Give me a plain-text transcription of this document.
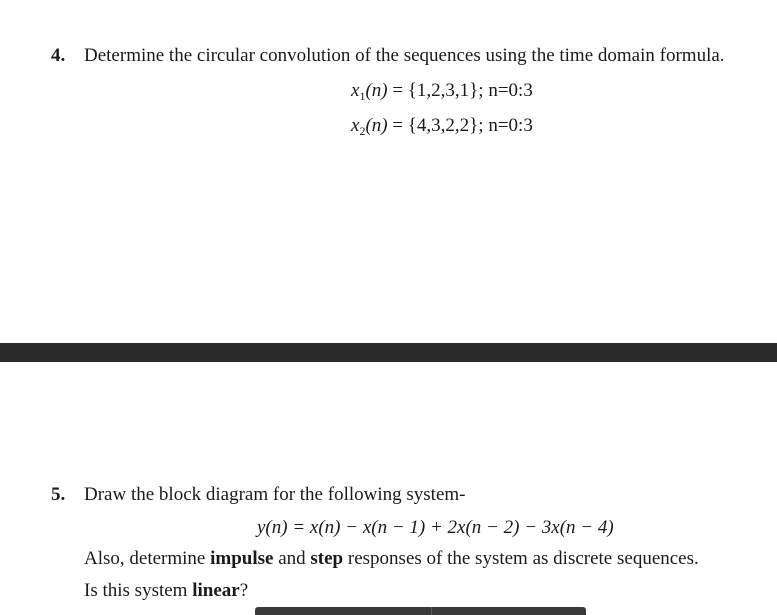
4. Determine the circular convolution of the sequences using the time domain formula.
$x_1(n) = \{1,2,3,1\}$; n=0:3
$x_2(n) = \{4,3,2,2\}$; n=0:3
5. Draw the block diagram for the following system-
y(n) = x(n) − x(n − 1) + 2x(n − 2) − 3x(n − 4)
Also, determine impulse and step responses of the system as discrete sequences.
Is this system linear?
